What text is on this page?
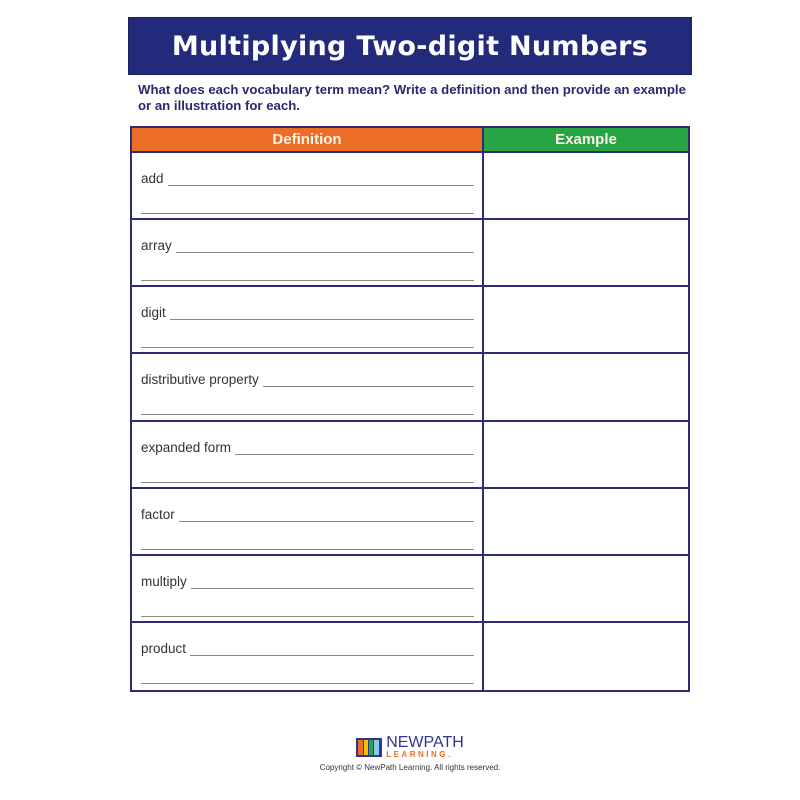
Multiplying Two-digit Numbers
What does each vocabulary term mean? Write a definition and then provide an example or an illustration for each.
Definition	Example
add
array
digit
distributive property
expanded form
factor
multiply
product
NEWPATH
LEARNING.
Copyright © NewPath Learning. All rights reserved.
